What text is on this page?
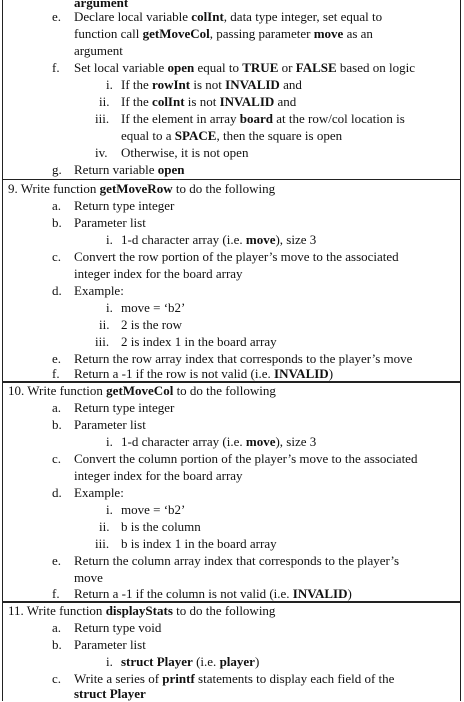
argument
e. Declare local variable colInt, data type integer, set equal to
function call getMoveCol, passing parameter move as an
argument
f. Set local variable open equal to TRUE or FALSE based on logic
i. If the rowInt is not INVALID and
ii. If the colInt is not INVALID and
iii. If the element in array board at the row/col location is
equal to a SPACE, then the square is open
iv. Otherwise, it is not open
g. Return variable open
9. Write function getMoveRow to do the following
a. Return type integer
b. Parameter list
i. 1-d character array (i.e. move), size 3
c. Convert the row portion of the player’s move to the associated
integer index for the board array
d. Example:
i. move = ‘b2’
ii. 2 is the row
iii. 2 is index 1 in the board array
e. Return the row array index that corresponds to the player’s move
f. Return a -1 if the row is not valid (i.e. INVALID)
10. Write function getMoveCol to do the following
a. Return type integer
b. Parameter list
i. 1-d character array (i.e. move), size 3
c. Convert the column portion of the player’s move to the associated
integer index for the board array
d. Example:
i. move = ‘b2’
ii. b is the column
iii. b is index 1 in the board array
e. Return the column array index that corresponds to the player’s
move
f. Return a -1 if the column is not valid (i.e. INVALID)
11. Write function displayStats to do the following
a. Return type void
b. Parameter list
i. struct Player (i.e. player)
c. Write a series of printf statements to display each field of the
struct Player
